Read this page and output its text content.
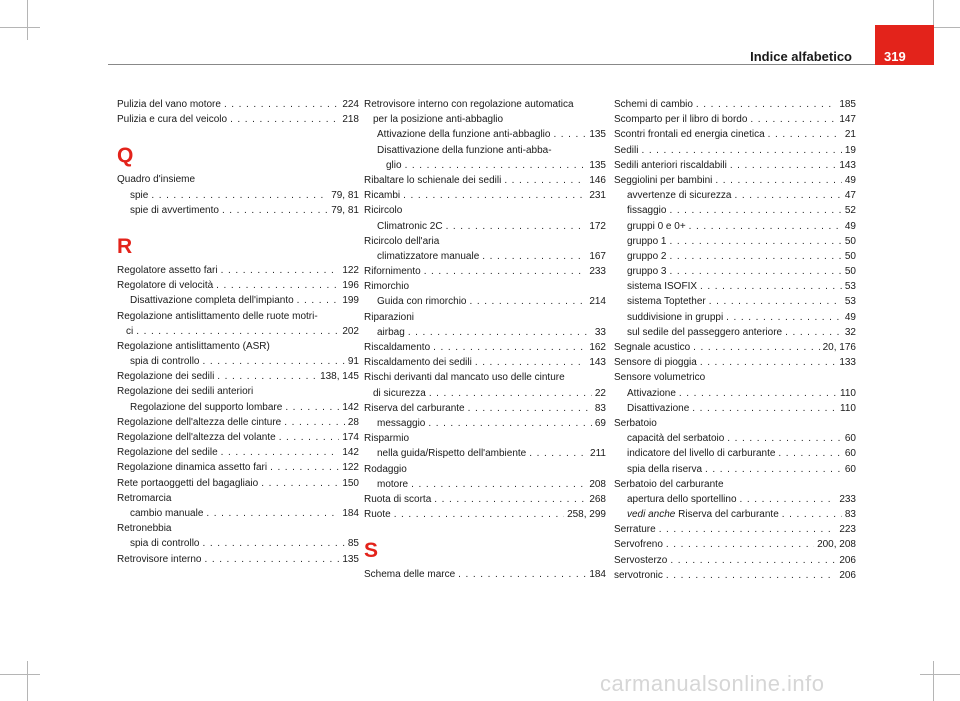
319
Indice alfabetico
Pulizia del vano motore . . .	224
Pulizia e cura del veicolo . . .	218
Q
Quadro d'insieme
spie . . .	79, 81
spie di avvertimento . . .	79, 81
R
Regolatore assetto fari . . .	122
Regolatore di velocità . . .	196
Disattivazione completa dell'impianto . . .	199
Regolazione antislittamento delle ruote motri-
ci . . .	202
Regolazione antislittamento (ASR)
spia di controllo . . .	91
Regolazione dei sedili . . .	138, 145
Regolazione dei sedili anteriori
Regolazione del supporto lombare . . .	142
Regolazione dell'altezza delle cinture . . .	28
Regolazione dell'altezza del volante . . .	174
Regolazione del sedile . . .	142
Regolazione dinamica assetto fari . . .	122
Rete portaoggetti del bagagliaio . . .	150
Retromarcia
cambio manuale . . .	184
Retronebbia
spia di controllo . . .	85
Retrovisore interno . . .	135
Retrovisore interno con regolazione automatica
per la posizione anti-abbaglio
Attivazione della funzione anti-abbaglio . . .	135
Disattivazione della funzione anti-abba-
glio . . .	135
Ribaltare lo schienale dei sedili . . .	146
Ricambi . . .	231
Ricircolo
Climatronic 2C . . .	172
Ricircolo dell'aria
climatizzatore manuale . . .	167
Rifornimento . . .	233
Rimorchio
Guida con rimorchio . . .	214
Riparazioni
airbag . . .	33
Riscaldamento . . .	162
Riscaldamento dei sedili . . .	143
Rischi derivanti dal mancato uso delle cinture
di sicurezza . . .	22
Riserva del carburante . . .	83
messaggio . . .	69
Risparmio
nella guida/Rispetto dell'ambiente . . .	211
Rodaggio
motore . . .	208
Ruota di scorta . . .	268
Ruote . . .	258, 299
S
Schema delle marce . . .	184
Schemi di cambio . . .	185
Scomparto per il libro di bordo . . .	147
Scontri frontali ed energia cinetica . . .	21
Sedili . . .	19
Sedili anteriori riscaldabili . . .	143
Seggiolini per bambini . . .	49
avvertenze di sicurezza . . .	47
fissaggio . . .	52
gruppi 0 e 0+ . . .	49
gruppo 1 . . .	50
gruppo 2 . . .	50
gruppo 3 . . .	50
sistema ISOFIX . . .	53
sistema Toptether . . .	53
suddivisione in gruppi . . .	49
sul sedile del passeggero anteriore . . .	32
Segnale acustico . . .	20, 176
Sensore di pioggia . . .	133
Sensore volumetrico
Attivazione . . .	110
Disattivazione . . .	110
Serbatoio
capacità del serbatoio . . .	60
indicatore del livello di carburante . . .	60
spia della riserva . . .	60
Serbatoio del carburante
apertura dello sportellino . . .	233
vedi anche Riserva del carburante . . .	83
Serrature . . .	223
Servofreno . . .	200, 208
Servosterzo . . .	206
servotronic . . .	206
carmanualsonline.info
